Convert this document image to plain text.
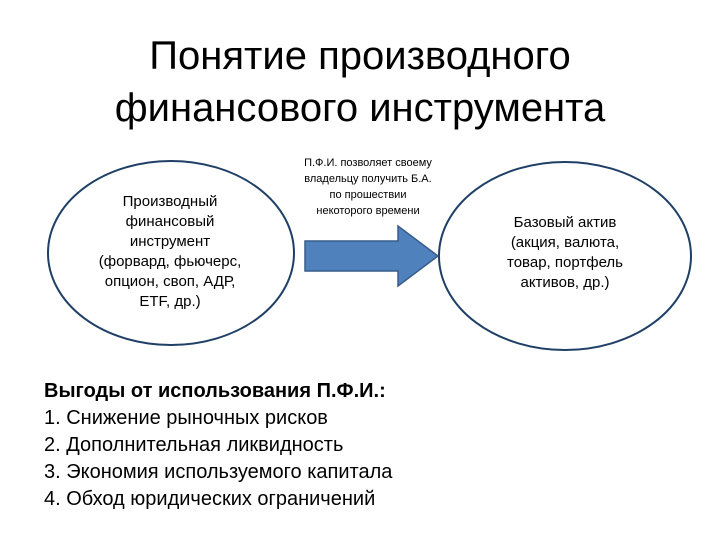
Понятие производного
финансового инструмента
Производный
финансовый
инструмент
(форвард, фьючерс,
опцион, своп, АДР,
ETF, др.)
П.Ф.И. позволяет своему
владельцу получить Б.А.
по прошествии
некоторого времени
Базовый актив
(акция, валюта,
товар, портфель
активов, др.)
Выгоды от использования П.Ф.И.:
1. Снижение рыночных рисков
2. Дополнительная ликвидность
3. Экономия используемого капитала
4. Обход юридических ограничений
